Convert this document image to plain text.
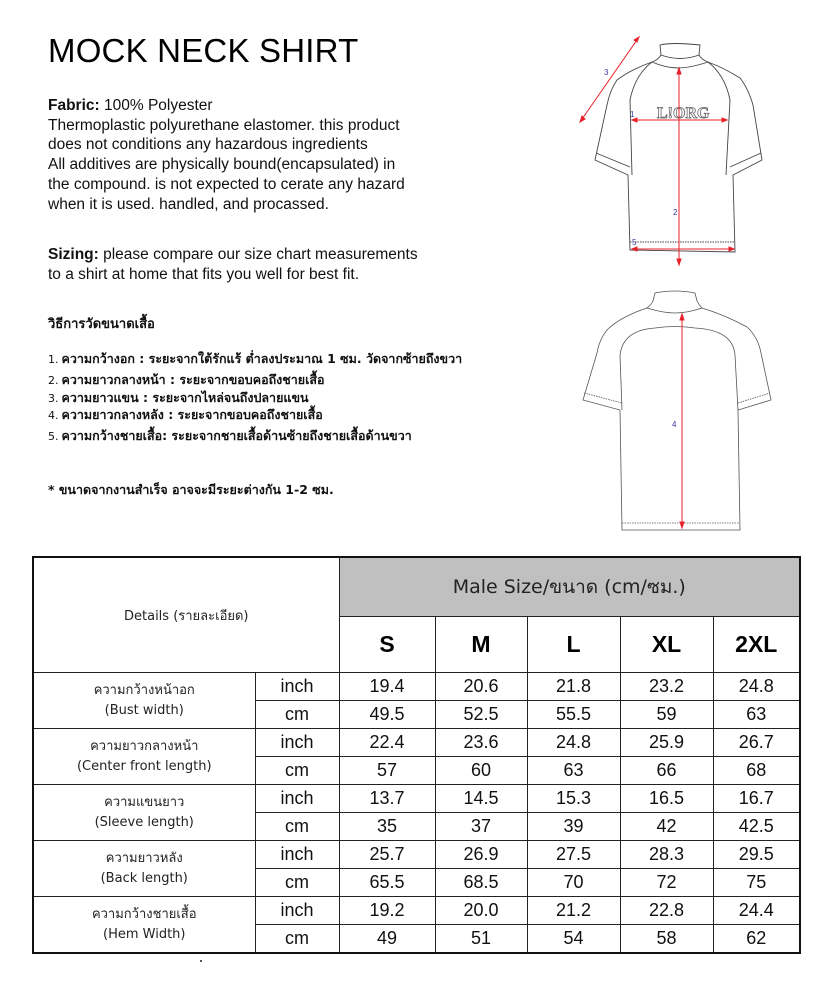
MOCK NECK SHIRT
Fabric: 100% Polyester
Thermoplastic polyurethane elastomer. this product
does not conditions any hazardous ingredients
All additives are physically bound(encapsulated) in
the compound. is not expected to cerate any hazard
when it is used. handled, and procassed.
Sizing: please compare our size chart measurements
to a shirt at home that fits you well for best fit.
วิธีการวัดขนาดเสื้อ
1. ความกว้างอก : ระยะจากใต้รักแร้ ต่ำลงประมาณ 1 ซม. วัดจากซ้ายถึงขวา
2. ความยาวกลางหน้า : ระยะจากขอบคอถึงชายเสื้อ
3. ความยาวแขน : ระยะจากไหล่จนถึงปลายแขน
4. ความยาวกลางหลัง : ระยะจากขอบคอถึงชายเสื้อ
5. ความกว้างชายเสื้อ: ระยะจากชายเสื้อด้านซ้ายถึงชายเสื้อด้านขวา
* ขนาดจากงานสำเร็จ อาจจะมีระยะต่างกัน 1-2 ซม.
L!ORG
3
1
2
5
4
Details (รายละเอียด)		Male Size/ขนาด (cm/ซม.)				
		S	M	L	XL	2XL

ความกว้างหน้าอก
(Bust width)	inch	19.4	20.6	21.8	23.2	24.8
	cm	49.5	52.5	55.5	59	63

ความยาวกลางหน้า
(Center front length)	inch	22.4	23.6	24.8	25.9	26.7
	cm	57	60	63	66	68

ความแขนยาว
(Sleeve length)	inch	13.7	14.5	15.3	16.5	16.7
	cm	35	37	39	42	42.5

ความยาวหลัง
(Back length)	inch	25.7	26.9	27.5	28.3	29.5
	cm	65.5	68.5	70	72	75

ความกว้างชายเสื้อ
(Hem Width)	inch	19.2	20.0	21.2	22.8	24.4
	cm	49	51	54	58	62
